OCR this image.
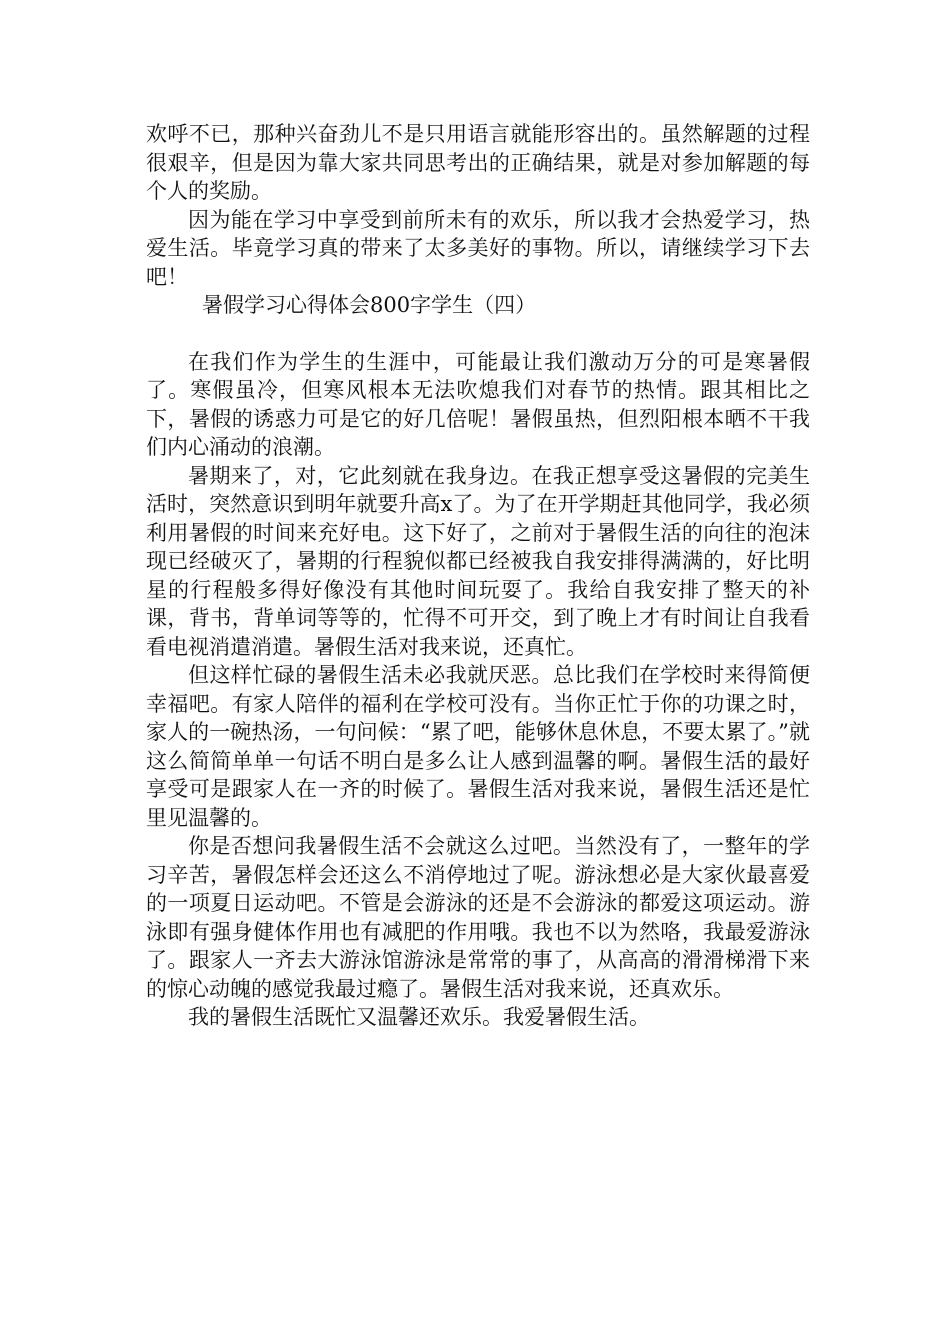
欢呼不已，那种兴奋劲儿不是只用语言就能形容出的。虽然解题的过程很艰辛，但是因为靠大家共同思考出的正确结果，就是对参加解题的每个人的奖励。

因为能在学习中享受到前所未有的欢乐，所以我才会热爱学习，热爱生活。毕竟学习真的带来了太多美好的事物。所以，请继续学习下去吧！

暑假学习心得体会800字学生（四）

在我们作为学生的生涯中，可能最让我们激动万分的可是寒暑假了。寒假虽冷，但寒风根本无法吹熄我们对春节的热情。跟其相比之下，暑假的诱惑力可是它的好几倍呢！暑假虽热，但烈阳根本晒不干我们内心涌动的浪潮。

暑期来了，对，它此刻就在我身边。在我正想享受这暑假的完美生活时，突然意识到明年就要升高x了。为了在开学期赶其他同学，我必须利用暑假的时间来充好电。这下好了，之前对于暑假生活的向往的泡沫现已经破灭了，暑期的行程貌似都已经被我自我安排得满满的，好比明星的行程般多得好像没有其他时间玩耍了。我给自我安排了整天的补课，背书，背单词等等的，忙得不可开交，到了晚上才有时间让自我看看电视消遣消遣。暑假生活对我来说，还真忙。

但这样忙碌的暑假生活未必我就厌恶。总比我们在学校时来得简便幸福吧。有家人陪伴的福利在学校可没有。当你正忙于你的功课之时，家人的一碗热汤，一句问候：“累了吧，能够休息休息，不要太累了。”就这么简简单单一句话不明白是多么让人感到温馨的啊。暑假生活的最好享受可是跟家人在一齐的时候了。暑假生活对我来说，暑假生活还是忙里见温馨的。

你是否想问我暑假生活不会就这么过吧。当然没有了，一整年的学习辛苦，暑假怎样会还这么不消停地过了呢。游泳想必是大家伙最喜爱的一项夏日运动吧。不管是会游泳的还是不会游泳的都爱这项运动。游泳即有强身健体作用也有减肥的作用哦。我也不以为然咯，我最爱游泳了。跟家人一齐去大游泳馆游泳是常常的事了，从高高的滑滑梯滑下来的惊心动魄的感觉我最过瘾了。暑假生活对我来说，还真欢乐。

我的暑假生活既忙又温馨还欢乐。我爱暑假生活。
